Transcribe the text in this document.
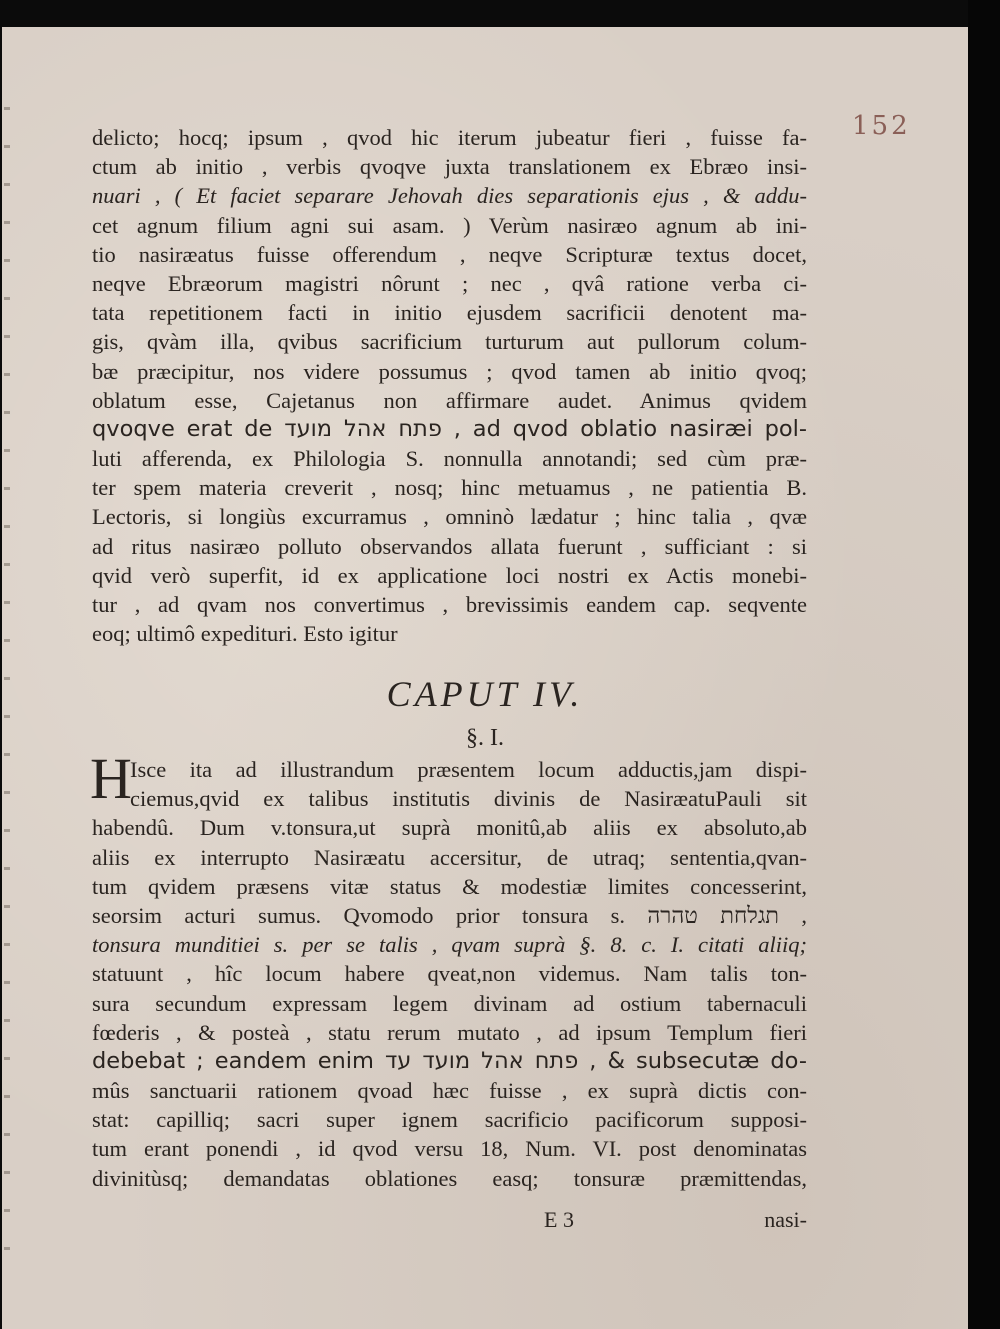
152
delicto; hocq; ipsum , qvod hic iterum jubeatur fieri , fuisse fa-
ctum ab initio , verbis qvoqve juxta translationem ex Ebræo insi-
nuari , ( Et faciet separare Jehovah dies separationis ejus , & addu-
cet agnum filium agni sui asam. ) Verùm nasiræo agnum ab ini-
tio nasiræatus fuisse offerendum , neqve Scripturæ textus docet,
neqve Ebræorum magistri nôrunt ; nec , qvâ ratione verba ci-
tata repetitionem facti in initio ejusdem sacrificii denotent ma-
gis, qvàm illa, qvibus sacrificium turturum aut pullorum colum-
bæ præcipitur, nos videre possumus ; qvod tamen ab initio qvoq;
oblatum esse, Cajetanus non affirmare audet. Animus qvidem
qvoqve erat de פתח אהל מועד , ad qvod oblatio nasiræi pol-
luti afferenda, ex Philologia S. nonnulla annotandi; sed cùm præ-
ter spem materia creverit , nosq; hinc metuamus , ne patientia B.
Lectoris, si longiùs excurramus , omninò lædatur ; hinc talia , qvæ
ad ritus nasiræo polluto observandos allata fuerunt , sufficiant : si
qvid verò superfit, id ex applicatione loci nostri ex Actis monebi-
tur , ad qvam nos convertimus , brevissimis eandem cap. seqvente
eoq; ultimô expedituri. Esto igitur
CAPUT IV.
§. I.
H
Isce ita ad illustrandum præsentem locum adductis,jam dispi-
ciemus,qvid ex talibus institutis divinis de NasiræatuPauli sit
habendû. Dum v.tonsura,ut suprà monitû,ab aliis ex absoluto,ab
aliis ex interrupto Nasiræatu accersitur, de utraq; sententia,qvan-
tum qvidem præsens vitæ status & modestiæ limites concesserint,
seorsim acturi sumus. Qvomodo prior tonsura s. תגלחת טהרה ,
tonsura munditiei s. per se talis , qvam suprà §. 8. c. I. citati aliiq;
statuunt , hîc locum habere qveat,non videmus. Nam talis ton-
sura secundum expressam legem divinam ad ostium tabernaculi
fœderis , & posteà , statu rerum mutato , ad ipsum Templum fieri
debebat ; eandem enim פתח אהל מועד עד , & subsecutæ do-
mûs sanctuarii rationem qvoad hæc fuisse , ex suprà dictis con-
stat: capilliq; sacri super ignem sacrificio pacificorum supposi-
tum erant ponendi , id qvod versu 18, Num. VI. post denominatas
divinitùsq; demandatas oblationes easq; tonsuræ præmittendas,
E 3	nasi-
